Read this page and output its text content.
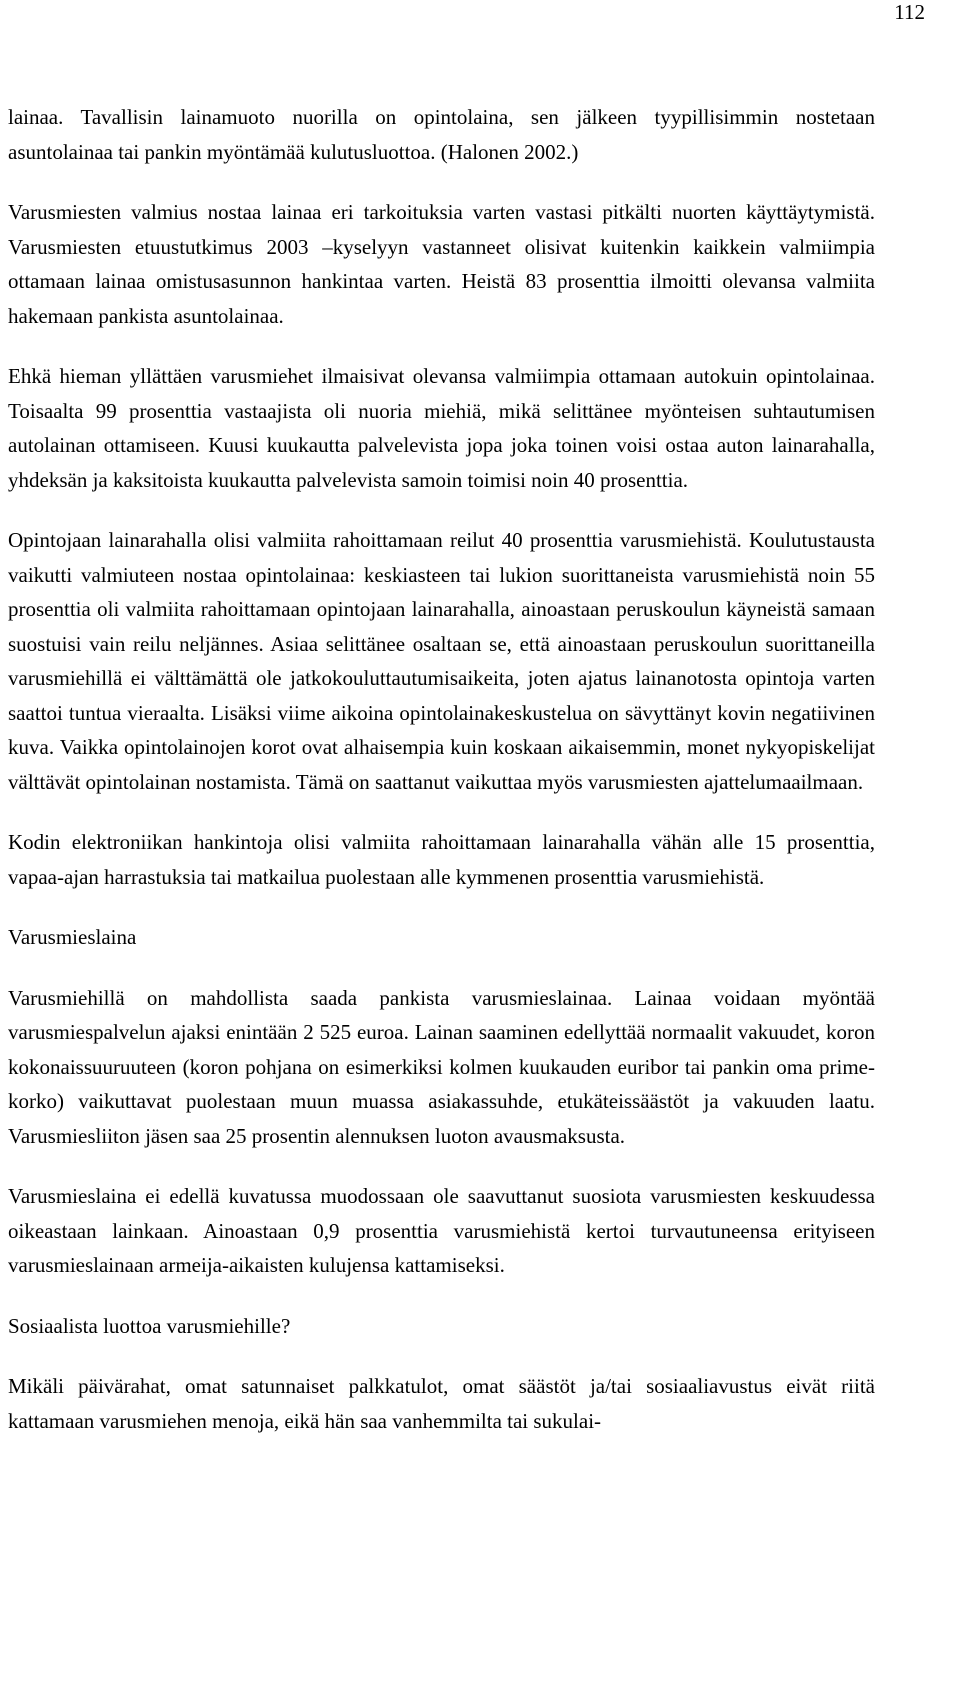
112

lainaa. Tavallisin lainamuoto nuorilla on opintolaina, sen jälkeen tyypillisimmin nostetaan asuntolainaa tai pankin myöntämää kulutusluottoa. (Halonen 2002.)

Varusmiesten valmius nostaa lainaa eri tarkoituksia varten vastasi pitkälti nuorten käyttäytymistä. Varusmiesten etuustutkimus 2003 –kyselyyn vastanneet olisivat kuitenkin kaikkein valmiimpia ottamaan lainaa omistusasunnon hankintaa varten. Heistä 83 prosenttia ilmoitti olevansa valmiita hakemaan pankista asuntolainaa.

Ehkä hieman yllättäen varusmiehet ilmaisivat olevansa valmiimpia ottamaan autokuin opintolainaa. Toisaalta 99 prosenttia vastaajista oli nuoria miehiä, mikä selittänee myönteisen suhtautumisen autolainan ottamiseen. Kuusi kuukautta palvelevista jopa joka toinen voisi ostaa auton lainarahalla, yhdeksän ja kaksitoista kuukautta palvelevista samoin toimisi noin 40 prosenttia.

Opintojaan lainarahalla olisi valmiita rahoittamaan reilut 40 prosenttia varusmiehistä. Koulutustausta vaikutti valmiuteen nostaa opintolainaa: keskiasteen tai lukion suorittaneista varusmiehistä noin 55 prosenttia oli valmiita rahoittamaan opintojaan lainarahalla, ainoastaan peruskoulun käyneistä samaan suostuisi vain reilu neljännes. Asiaa selittänee osaltaan se, että ainoastaan peruskoulun suorittaneilla varusmiehillä ei välttämättä ole jatkokouluttautumisaikeita, joten ajatus lainanotosta opintoja varten saattoi tuntua vieraalta. Lisäksi viime aikoina opintolainakeskustelua on sävyttänyt kovin negatiivinen kuva. Vaikka opintolainojen korot ovat alhaisempia kuin koskaan aikaisemmin, monet nykyopiskelijat välttävät opintolainan nostamista. Tämä on saattanut vaikuttaa myös varusmiesten ajattelumaailmaan.

Kodin elektroniikan hankintoja olisi valmiita rahoittamaan lainarahalla vähän alle 15 prosenttia, vapaa-ajan harrastuksia tai matkailua puolestaan alle kymmenen prosenttia varusmiehistä.

Varusmieslaina

Varusmiehillä on mahdollista saada pankista varusmieslainaa. Lainaa voidaan myöntää varusmiespalvelun ajaksi enintään 2 525 euroa. Lainan saaminen edellyttää normaalit vakuudet, koron kokonaissuuruuteen (koron pohjana on esimerkiksi kolmen kuukauden euribor tai pankin oma prime-korko) vaikuttavat puolestaan muun muassa asiakassuhde, etukäteissäästöt ja vakuuden laatu. Varusmiesliiton jäsen saa 25 prosentin alennuksen luoton avausmaksusta.

Varusmieslaina ei edellä kuvatussa muodossaan ole saavuttanut suosiota varusmiesten keskuudessa oikeastaan lainkaan. Ainoastaan 0,9 prosenttia varusmiehistä kertoi turvautuneensa erityiseen varusmieslainaan armeija-aikaisten kulujensa kattamiseksi.

Sosiaalista luottoa varusmiehille?

Mikäli päivärahat, omat satunnaiset palkkatulot, omat säästöt ja/tai sosiaaliavustus eivät riitä kattamaan varusmiehen menoja, eikä hän saa vanhemmilta tai sukulai-
